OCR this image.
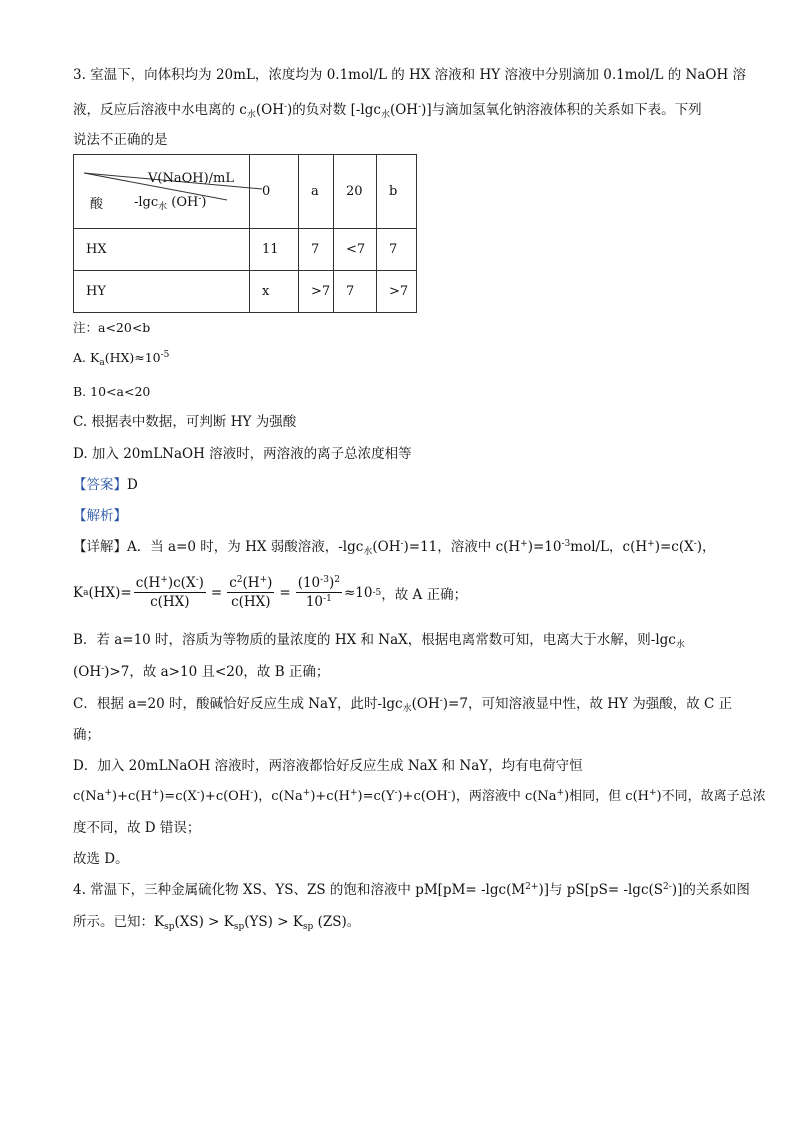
3. 室温下，向体积均为 20mL，浓度均为 0.1mol/L 的 HX 溶液和 HY 溶液中分别滴加 0.1mol/L 的 NaOH 溶
液，反应后溶液中水电离的 $c_水(OH^-)$的负对数 [-lgc$_水$(OH-)]与滴加氢氧化钠溶液体积的关系如下表。下列
说法不正确的是
V(NaOH)/mL
酸 -lgc$_水$ (OH-)	0	a	20	b
HX	11	7	<7	7
HY	x	>7	7	>7
注：a<20<b
A. $K_a(HX)\approx 10^{-5}$
B. 10<a<20
C. 根据表中数据，可判断 HY 为强酸
D. 加入 20mLNaOH 溶液时，两溶液的离子总浓度相等
【答案】D
【解析】
【详解】A．当 a=0 时，为 HX 弱酸溶液，-lgc$_水$(OH-)=11，溶液中 $c(H^+)=10^{-3}mol/L$，c(H+)=c(X-)，
K a $(HX)= \frac{c(H^+)c(X^-)}{c(HX)} = \frac{c^2(H^+)}{c(HX)} = \frac{(10^{-3})^2}{10^{-1}} \approx 10$ -5 ，故 A 正确；
B．若 a=10 时，溶质为等物质的量浓度的 HX 和 NaX，根据电离常数可知，电离大于水解，则-lgc$_水$
(OH-)>7，故 a>10 且<20，故 B 正确；
C．根据 a=20 时，酸碱恰好反应生成 NaY，此时-lgc$_水$(OH-)=7，可知溶液显中性，故 HY 为强酸，故 C 正
确；
D．加入 20mLNaOH 溶液时，两溶液都恰好反应生成 NaX 和 NaY，均有电荷守恒
c(Na+)+c(H+)=c(X-)+c(OH-)，c(Na+)+c(H+)=c(Y-)+c(OH-)，两溶液中 c(Na+)相同，但 c(H+)不同，故离子总浓
度不同，故 D 错误；
故选 D。
4. 常温下，三种金属硫化物 XS、YS、ZS 的饱和溶液中 $pM[pM= -\lg c(M^{2+})]$与 $pS[pS= -\lg c(S^{2-})]$的关系如图
所示。已知：$K_{sp}(XS) > K_{sp}(YS) > K_{sp}$ (ZS)。
